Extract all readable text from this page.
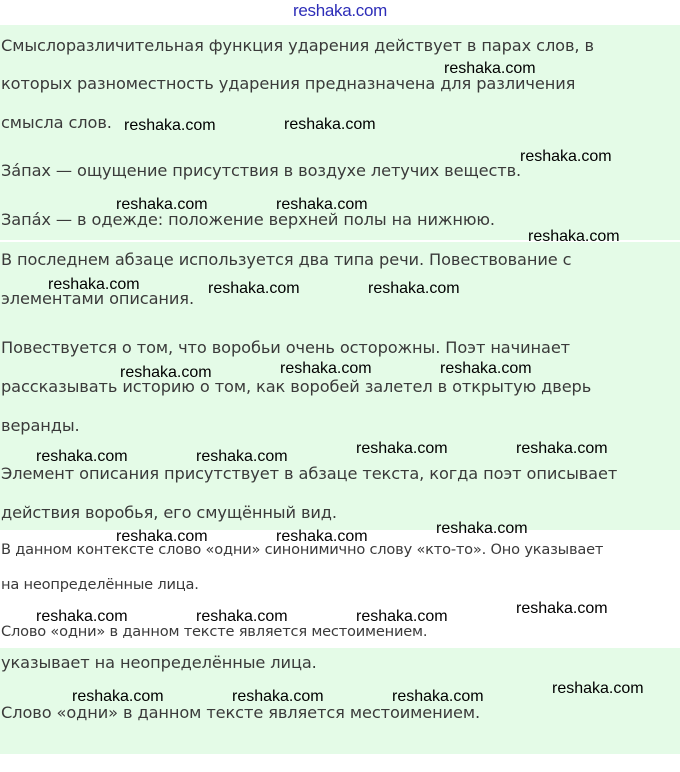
reshaka.com
Смыслоразличительная функция ударения действует в парах слов, в
которых разноместность ударения предназначена для различения
смысла слов.
За́пах — ощущение присутствия в воздухе летучих веществ.
Запа́х — в одежде: положение верхней полы на нижнюю.
В последнем абзаце используется два типа речи. Повествование с
элементами описания.
Повествуется о том, что воробьи очень осторожны. Поэт начинает
рассказывать историю о том, как воробей залетел в открытую дверь
веранды.
Элемент описания присутствует в абзаце текста, когда поэт описывает
действия воробья, его смущённый вид.
В данном контексте слово «одни» синонимично слову «кто-то». Оно указывает
на неопределённые лица.
Слово «одни» в данном тексте является местоимением.
указывает на неопределённые лица.
Слово «одни» в данном тексте является местоимением.
reshaka.com
reshaka.com	reshaka.com
reshaka.com
reshaka.com	reshaka.com
reshaka.com
reshaka.com	reshaka.com	reshaka.com
reshaka.com	reshaka.com	reshaka.com
reshaka.com	reshaka.com	reshaka.com	reshaka.com
reshaka.com	reshaka.com	reshaka.com
reshaka.com	reshaka.com	reshaka.com	reshaka.com
reshaka.com	reshaka.com	reshaka.com	reshaka.com
